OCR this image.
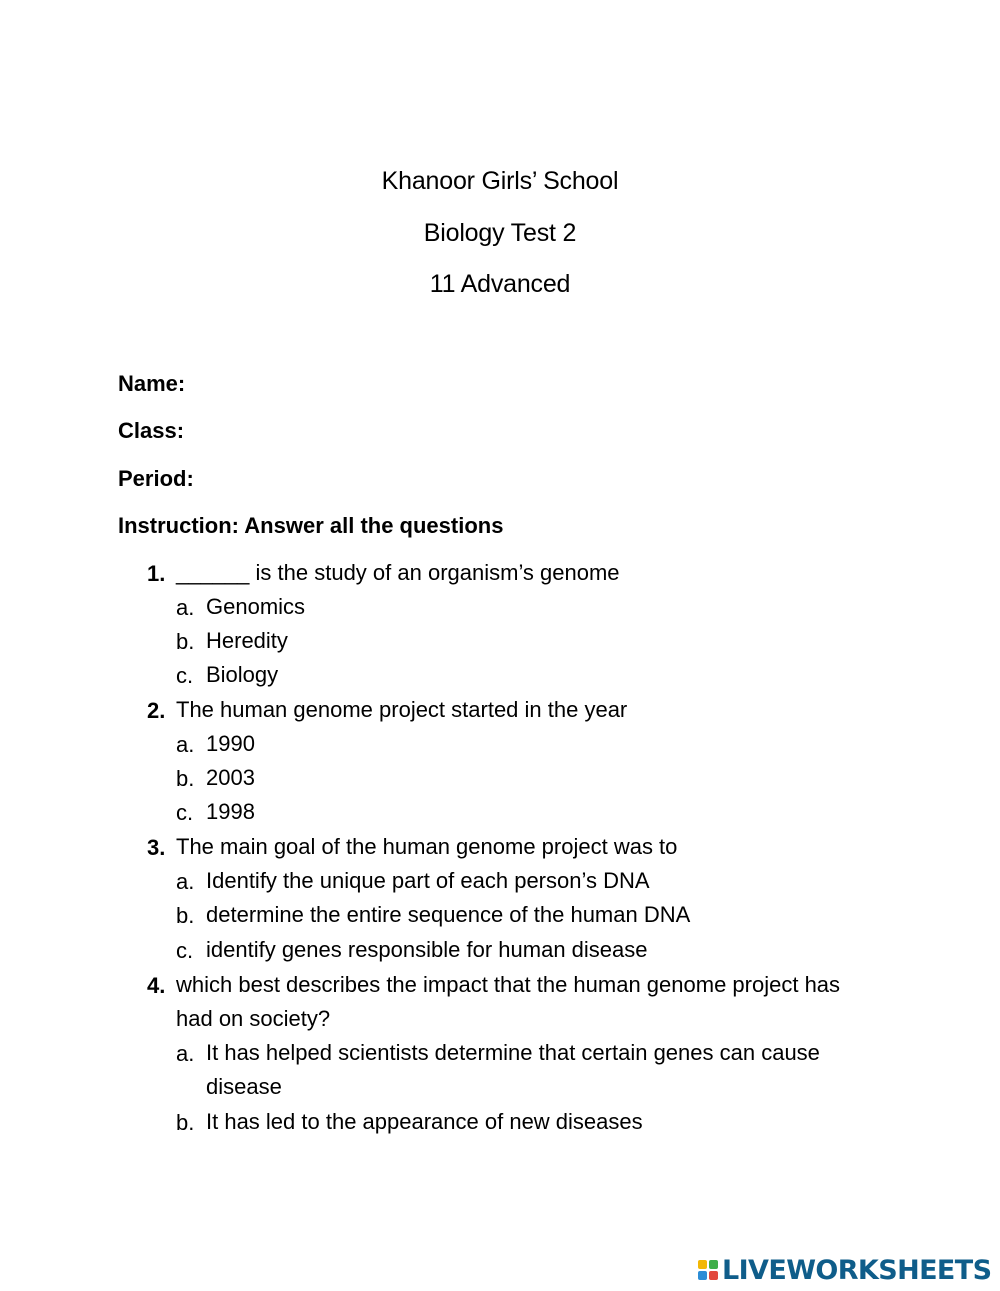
Khanoor Girls’ School
Biology Test 2
11 Advanced
Name:
Class:
Period:
Instruction: Answer all the questions
1. ______ is the study of an organism’s genome
a. Genomics
b. Heredity
c. Biology
2. The human genome project started in the year
a. 1990
b. 2003
c. 1998
3. The main goal of the human genome project was to
a. Identify the unique part of each person’s DNA
b. determine the entire sequence of the human DNA
c. identify genes responsible for human disease
4. which best describes the impact that the human genome project has had on society?
a. It has helped scientists determine that certain genes can cause disease
b. It has led to the appearance of new diseases
LIVEWORKSHEETS
